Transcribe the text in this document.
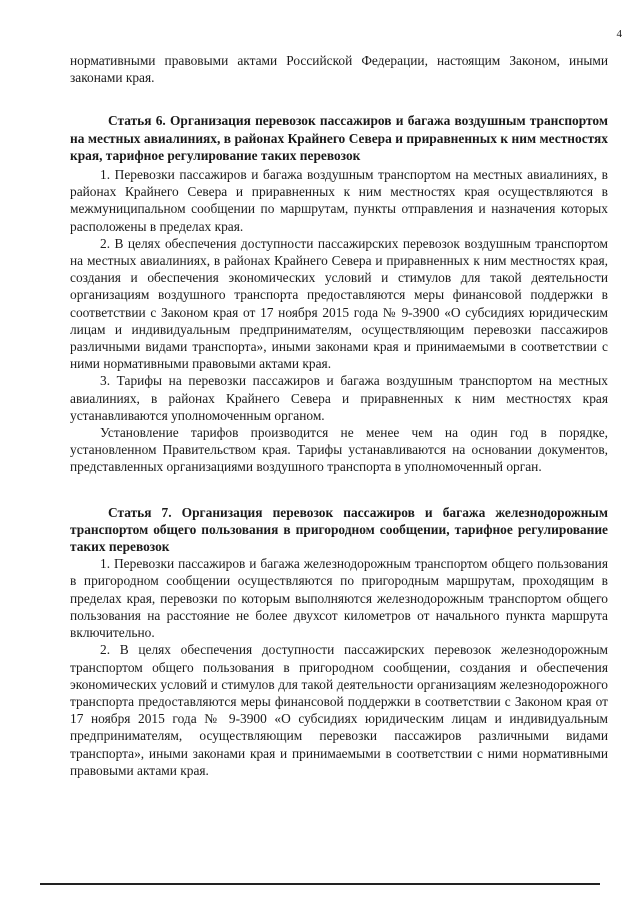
4

нормативными правовыми актами Российской Федерации, настоящим Законом, иными законами края.

Статья 6. Организация перевозок пассажиров и багажа воздушным транспортом на местных авиалиниях, в районах Крайнего Севера и приравненных к ним местностях края, тарифное регулирование таких перевозок

1. Перевозки пассажиров и багажа воздушным транспортом на местных авиалиниях, в районах Крайнего Севера и приравненных к ним местностях края осуществляются в межмуниципальном сообщении по маршрутам, пункты отправления и назначения которых расположены в пределах края.

2. В целях обеспечения доступности пассажирских перевозок воздушным транспортом на местных авиалиниях, в районах Крайнего Севера и приравненных к ним местностях края, создания и обеспечения экономических условий и стимулов для такой деятельности организациям воздушного транспорта предоставляются меры финансовой поддержки в соответствии с Законом края от 17 ноября 2015 года № 9-3900 «О субсидиях юридическим лицам и индивидуальным предпринимателям, осуществляющим перевозки пассажиров различными видами транспорта», иными законами края и принимаемыми в соответствии с ними нормативными правовыми актами края.

3. Тарифы на перевозки пассажиров и багажа воздушным транспортом на местных авиалиниях, в районах Крайнего Севера и приравненных к ним местностях края устанавливаются уполномоченным органом.

Установление тарифов производится не менее чем на один год в порядке, установленном Правительством края. Тарифы устанавливаются на основании документов, представленных организациями воздушного транспорта в уполномоченный орган.

Статья 7. Организация перевозок пассажиров и багажа железнодорожным транспортом общего пользования в пригородном сообщении, тарифное регулирование таких перевозок

1. Перевозки пассажиров и багажа железнодорожным транспортом общего пользования в пригородном сообщении осуществляются по пригородным маршрутам, проходящим в пределах края, перевозки по которым выполняются железнодорожным транспортом общего пользования на расстояние не более двухсот километров от начального пункта маршрута включительно.

2. В целях обеспечения доступности пассажирских перевозок железнодорожным транспортом общего пользования в пригородном сообщении, создания и обеспечения экономических условий и стимулов для такой деятельности организациям железнодорожного транспорта предоставляются меры финансовой поддержки в соответствии с Законом края от 17 ноября 2015 года № 9-3900 «О субсидиях юридическим лицам и индивидуальным предпринимателям, осуществляющим перевозки пассажиров различными видами транспорта», иными законами края и принимаемыми в соответствии с ними нормативными правовыми актами края.
